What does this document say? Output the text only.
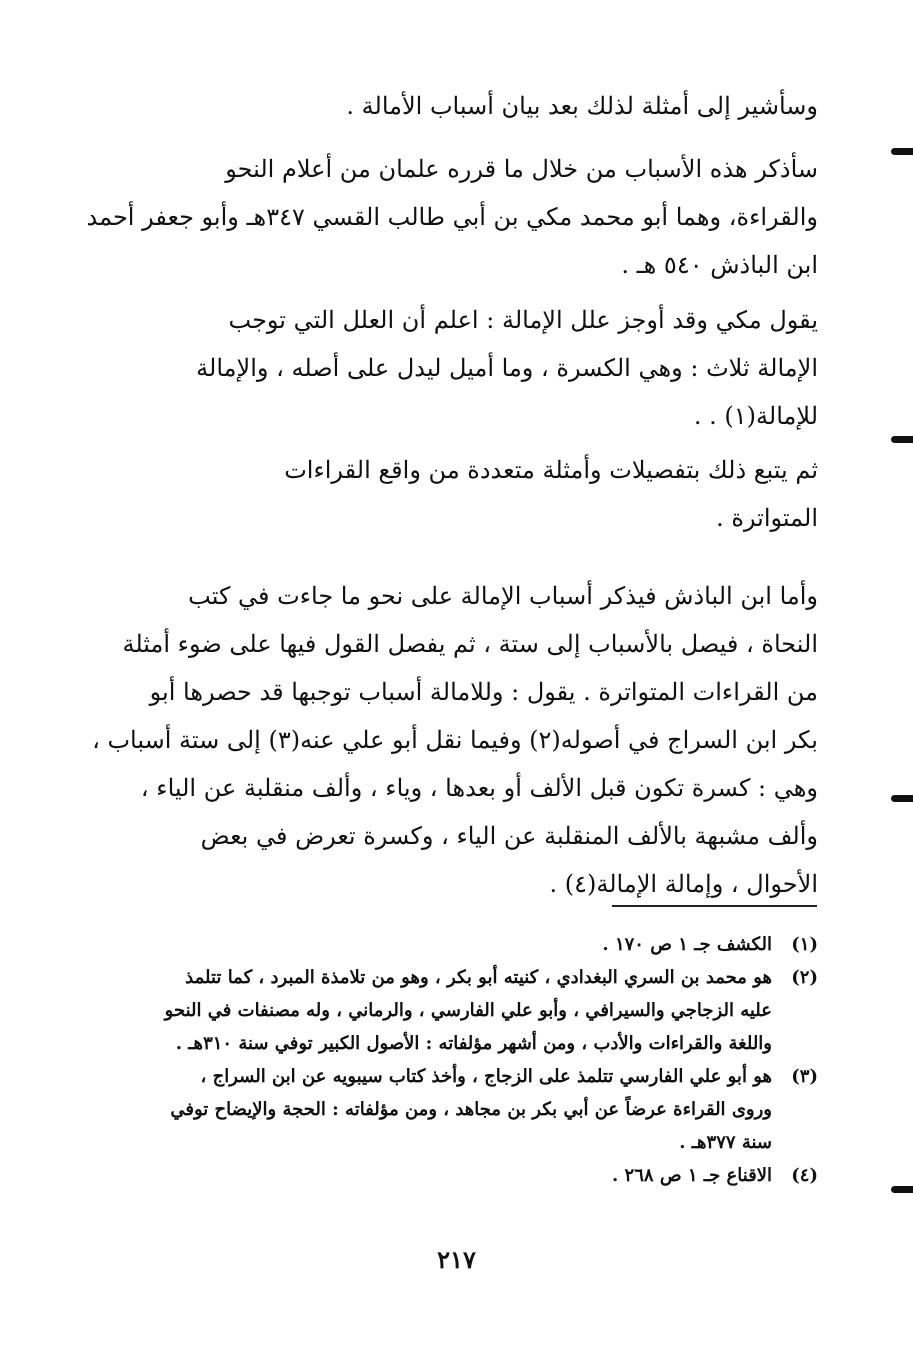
وسأشير إلى أمثلة لذلك بعد بيان أسباب الأمالة .
سأذكر هذه الأسباب من خلال ما قرره علمان من أعلام النحو
والقراءة، وهما أبو محمد مكي بن أبي طالب القسي ٣٤٧هـ وأبو جعفر أحمد
ابن الباذش ٥٤٠ هـ .
يقول مكي وقد أوجز علل الإمالة : اعلم أن العلل التي توجب
الإمالة ثلاث : وهي الكسرة ، وما أميل ليدل على أصله ، والإمالة
للإمالة(١) . .
ثم يتبع ذلك بتفصيلات وأمثلة متعددة من واقع القراءات
المتواترة .
وأما ابن الباذش فيذكر أسباب الإمالة على نحو ما جاءت في كتب
النحاة ، فيصل بالأسباب إلى ستة ، ثم يفصل القول فيها على ضوء أمثلة
من القراءات المتواترة . يقول : وللامالة أسباب توجبها قد حصرها أبو
بكر ابن السراج في أصوله(٢) وفيما نقل أبو علي عنه(٣) إلى ستة أسباب ،
وهي : كسرة تكون قبل الألف أو بعدها ، وياء ، وألف منقلبة عن الياء ،
وألف مشبهة بالألف المنقلبة عن الياء ، وكسرة تعرض في بعض
الأحوال ، وإمالة الإمالة(٤) .
(١)
الكشف جـ ١ ص ١٧٠ .
(٢)
هو محمد بن السري البغدادي ، كنيته أبو بكر ، وهو من تلامذة المبرد ، كما تتلمذ
عليه الزجاجي والسيرافي ، وأبو علي الفارسي ، والرماني ، وله مصنفات في النحو
واللغة والقراءات والأدب ، ومن أشهر مؤلفاته : الأصول الكبير توفي سنة ٣١٠هـ .
(٣)
هو أبو علي الفارسي تتلمذ على الزجاج ، وأخذ كتاب سيبويه عن ابن السراج ،
وروى القراءة عرضاً عن أبي بكر بن مجاهد ، ومن مؤلفاته : الحجة والإيضاح توفي
سنة ٣٧٧هـ .
(٤)
الاقناع جـ ١ ص ٢٦٨ .
٢١٧
